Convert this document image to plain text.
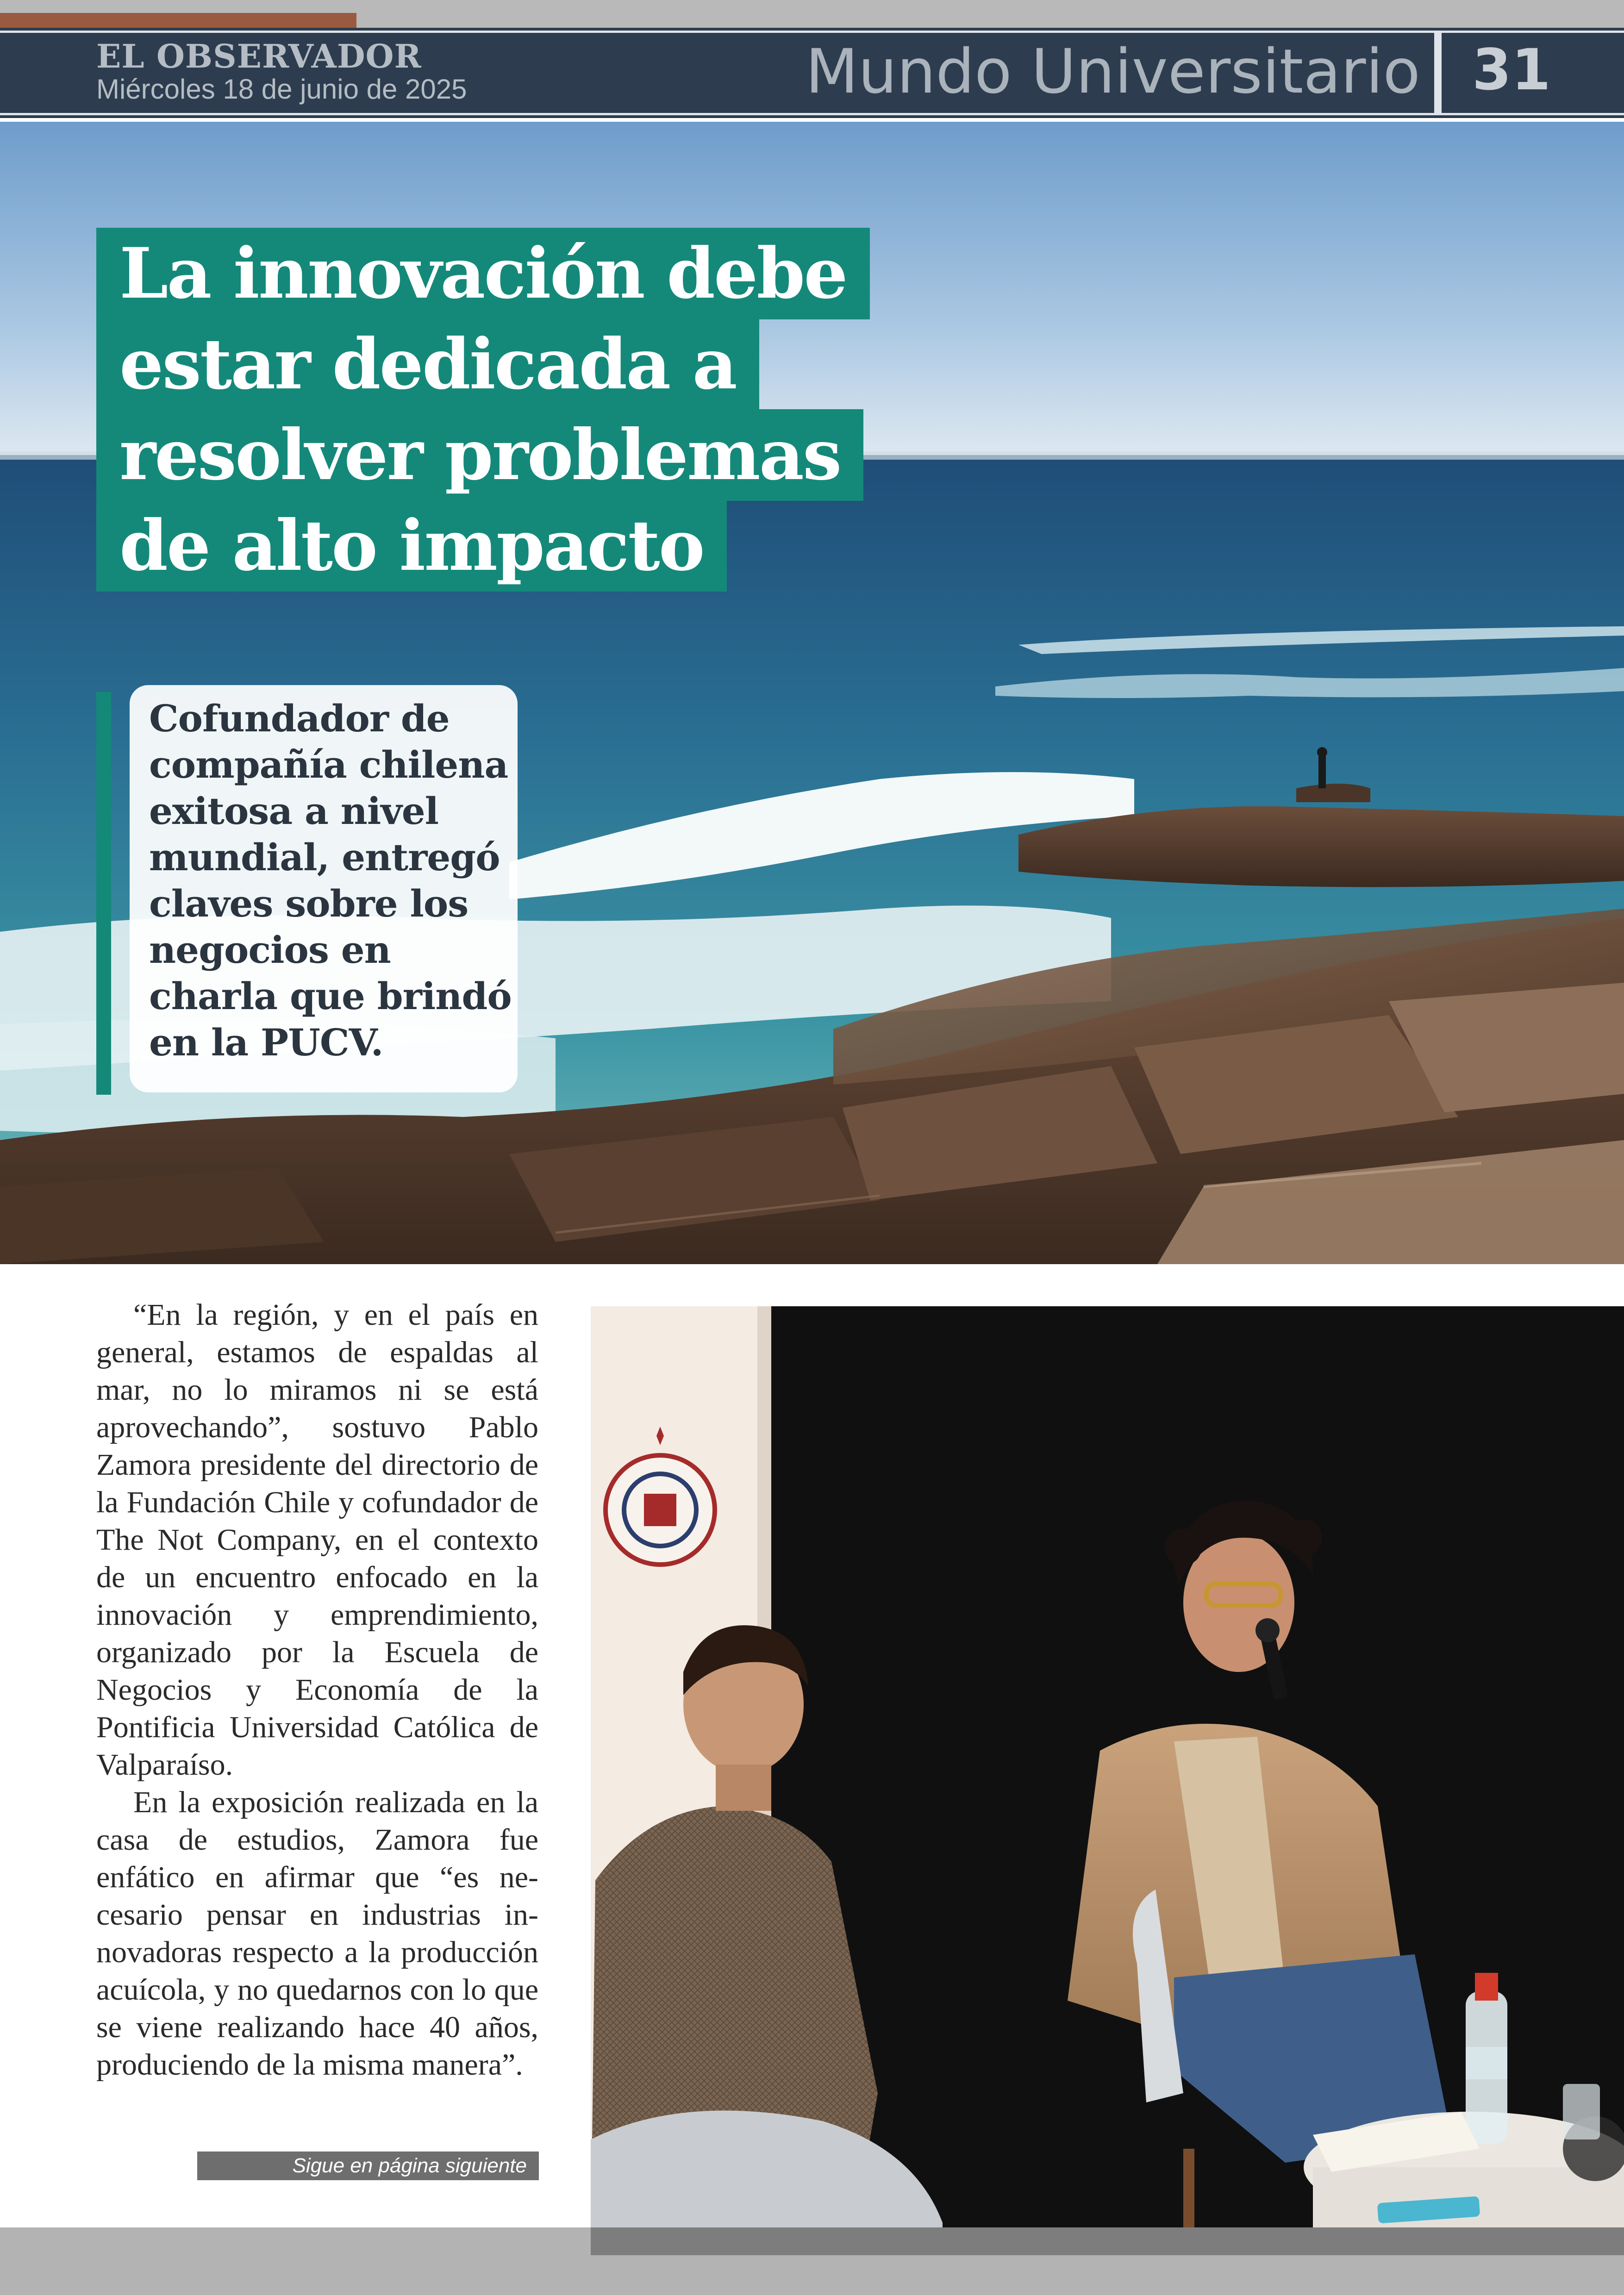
EL OBSERVADOR
Miércoles 18 de junio de 2025	Mundo Universitario 31
La innovación debe
estar dedicada a
resolver problemas
de alto impacto

Cofundador de compañía chilena exitosa a nivel mundial, entregó claves sobre los negocios en charla que brindó en la PUCV.

“En la región, y en el país en general, estamos de espaldas al mar, no lo miramos ni se está aprovechando”, sostuvo Pablo Zamora presidente del directorio de la Fundación Chile y cofundador de The Not Company, en el contexto de un encuentro enfocado en la innovación y emprendimiento, organizado por la Escuela de Negocios y Economía de la Pontificia Universidad Católica de Valparaíso.

En la exposición realizada en la casa de estudios, Zamora fue enfático en afirmar que “es necesario pensar en industrias innovadoras respecto a la producción acuícola, y no quedarnos con lo que se viene realizando hace 40 años, produciendo de la misma manera”.

Sigue en página siguiente
